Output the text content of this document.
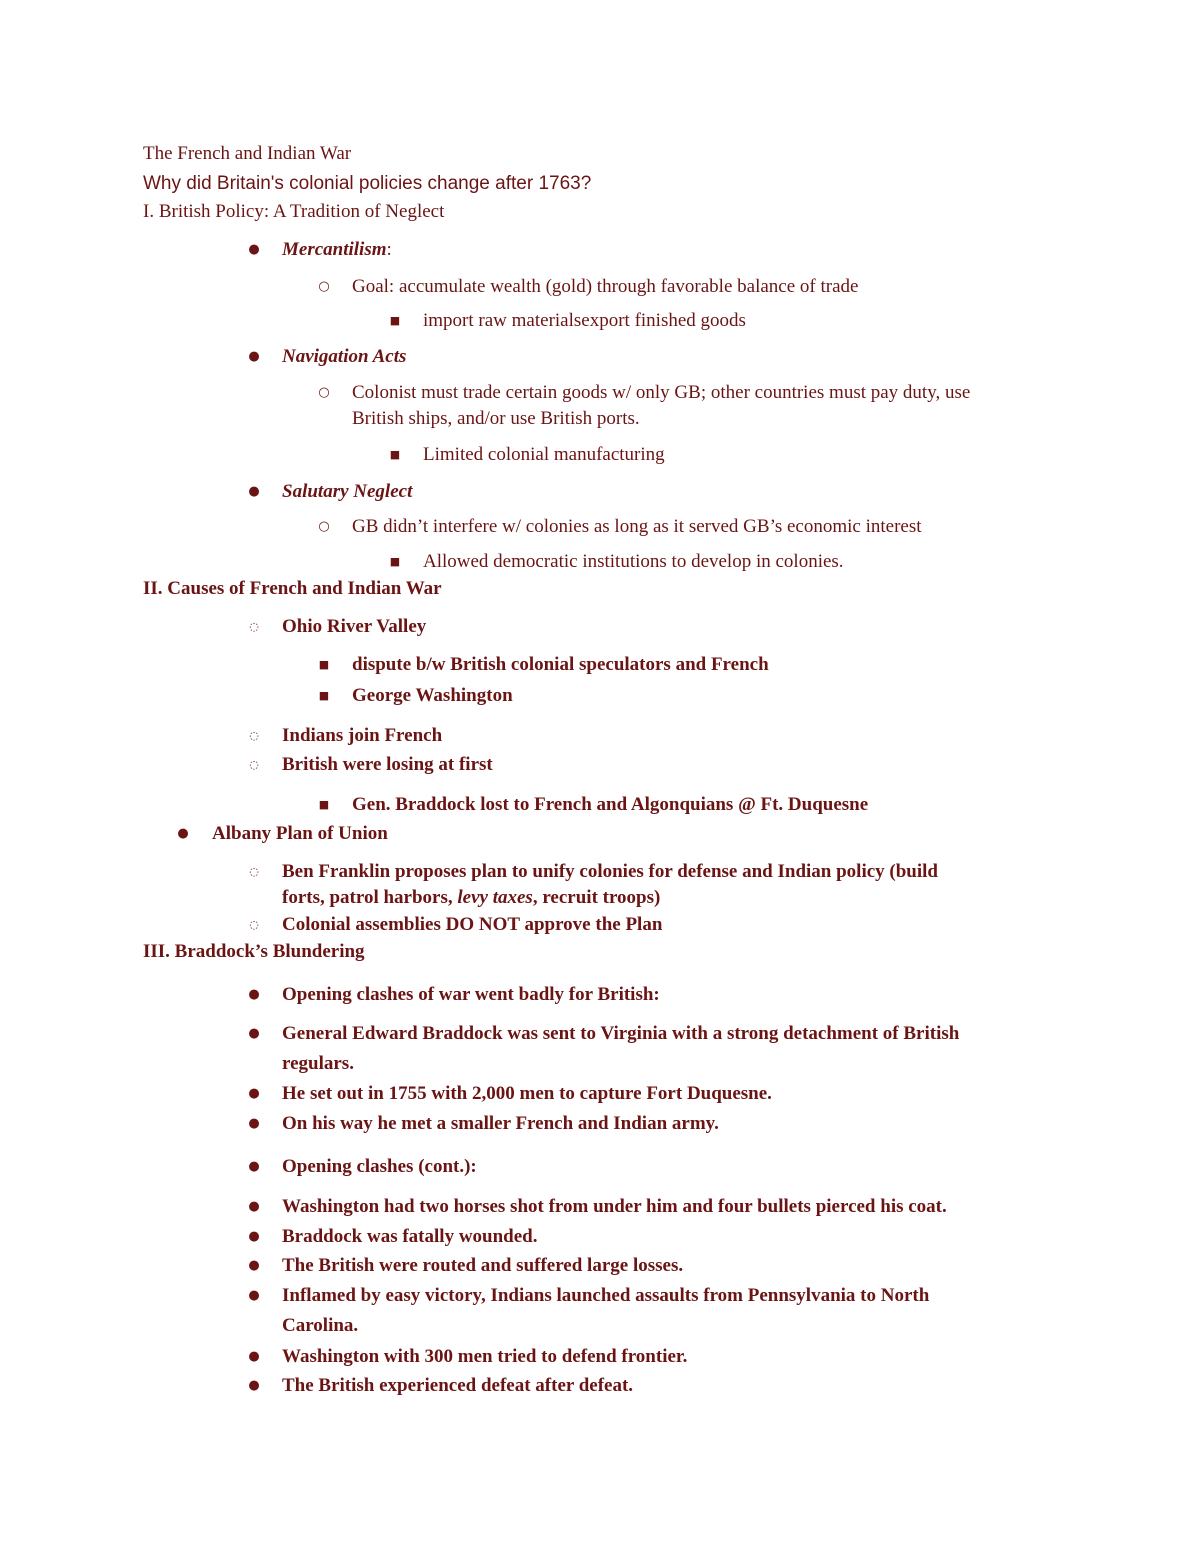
The French and Indian War
Why did Britain's colonial policies change after 1763?
I. British Policy: A Tradition of Neglect
● Mercantilism:
○ Goal: accumulate wealth (gold) through favorable balance of trade
■ import raw materialsexport finished goods
● Navigation Acts
○ Colonist must trade certain goods w/ only GB; other countries must pay duty, use
British ships, and/or use British ports.
■ Limited colonial manufacturing
● Salutary Neglect
○ GB didn’t interfere w/ colonies as long as it served GB’s economic interest
■ Allowed democratic institutions to develop in colonies.
II. Causes of French and Indian War
◌ Ohio River Valley
■ dispute b/w British colonial speculators and French
■ George Washington
◌ Indians join French
◌ British were losing at first
■ Gen. Braddock lost to French and Algonquians @ Ft. Duquesne
● Albany Plan of Union
◌ Ben Franklin proposes plan to unify colonies for defense and Indian policy (build
forts, patrol harbors, levy taxes, recruit troops)
◌ Colonial assemblies DO NOT approve the Plan
III. Braddock’s Blundering
● Opening clashes of war went badly for British:
● General Edward Braddock was sent to Virginia with a strong detachment of British
regulars.
● He set out in 1755 with 2,000 men to capture Fort Duquesne.
● On his way he met a smaller French and Indian army.
● Opening clashes (cont.):
● Washington had two horses shot from under him and four bullets pierced his coat.
● Braddock was fatally wounded.
● The British were routed and suffered large losses.
● Inflamed by easy victory, Indians launched assaults from Pennsylvania to North
Carolina.
● Washington with 300 men tried to defend frontier.
● The British experienced defeat after defeat.
